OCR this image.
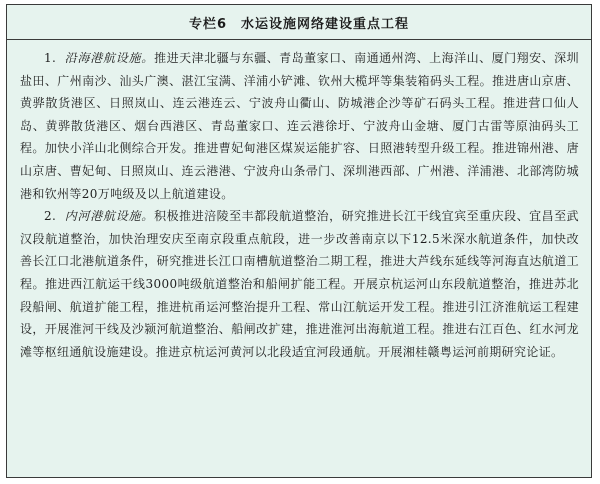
专栏6 水运设施网络建设重点工程

1. 沿海港航设施。推进天津北疆与东疆、青岛董家口、南通通州湾、上海洋山、厦门翔安、深圳盐田、广州南沙、汕头广澳、湛江宝满、洋浦小铲滩、钦州大榄坪等集装箱码头工程。推进唐山京唐、黄骅散货港区、日照岚山、连云港连云、宁波舟山衢山、防城港企沙等矿石码头工程。推进营口仙人岛、黄骅散货港区、烟台西港区、青岛董家口、连云港徐圩、宁波舟山金塘、厦门古雷等原油码头工程。加快小洋山北侧综合开发。推进曹妃甸港区煤炭运能扩容、日照港转型升级工程。推进锦州港、唐山京唐、曹妃甸、日照岚山、连云港港、宁波舟山条帚门、深圳港西部、广州港、洋浦港、北部湾防城港和钦州等20万吨级及以上航道建设。

2. 内河港航设施。积极推进涪陵至丰都段航道整治，研究推进长江干线宜宾至重庆段、宜昌至武汉段航道整治，加快治理安庆至南京段重点航段，进一步改善南京以下12.5米深水航道条件，加快改善长江口北港航道条件，研究推进长江口南槽航道整治二期工程，推进大芦线东延线等河海直达航道工程。推进西江航运干线3000吨级航道整治和船闸扩能工程。开展京杭运河山东段航道整治，推进苏北段船闸、航道扩能工程，推进杭甬运河整治提升工程、常山江航运开发工程。推进引江济淮航运工程建设，开展淮河干线及沙颍河航道整治、船闸改扩建，推进淮河出海航道工程。推进右江百色、红水河龙滩等枢纽通航设施建设。推进京杭运河黄河以北段适宜河段通航。开展湘桂赣粤运河前期研究论证。
